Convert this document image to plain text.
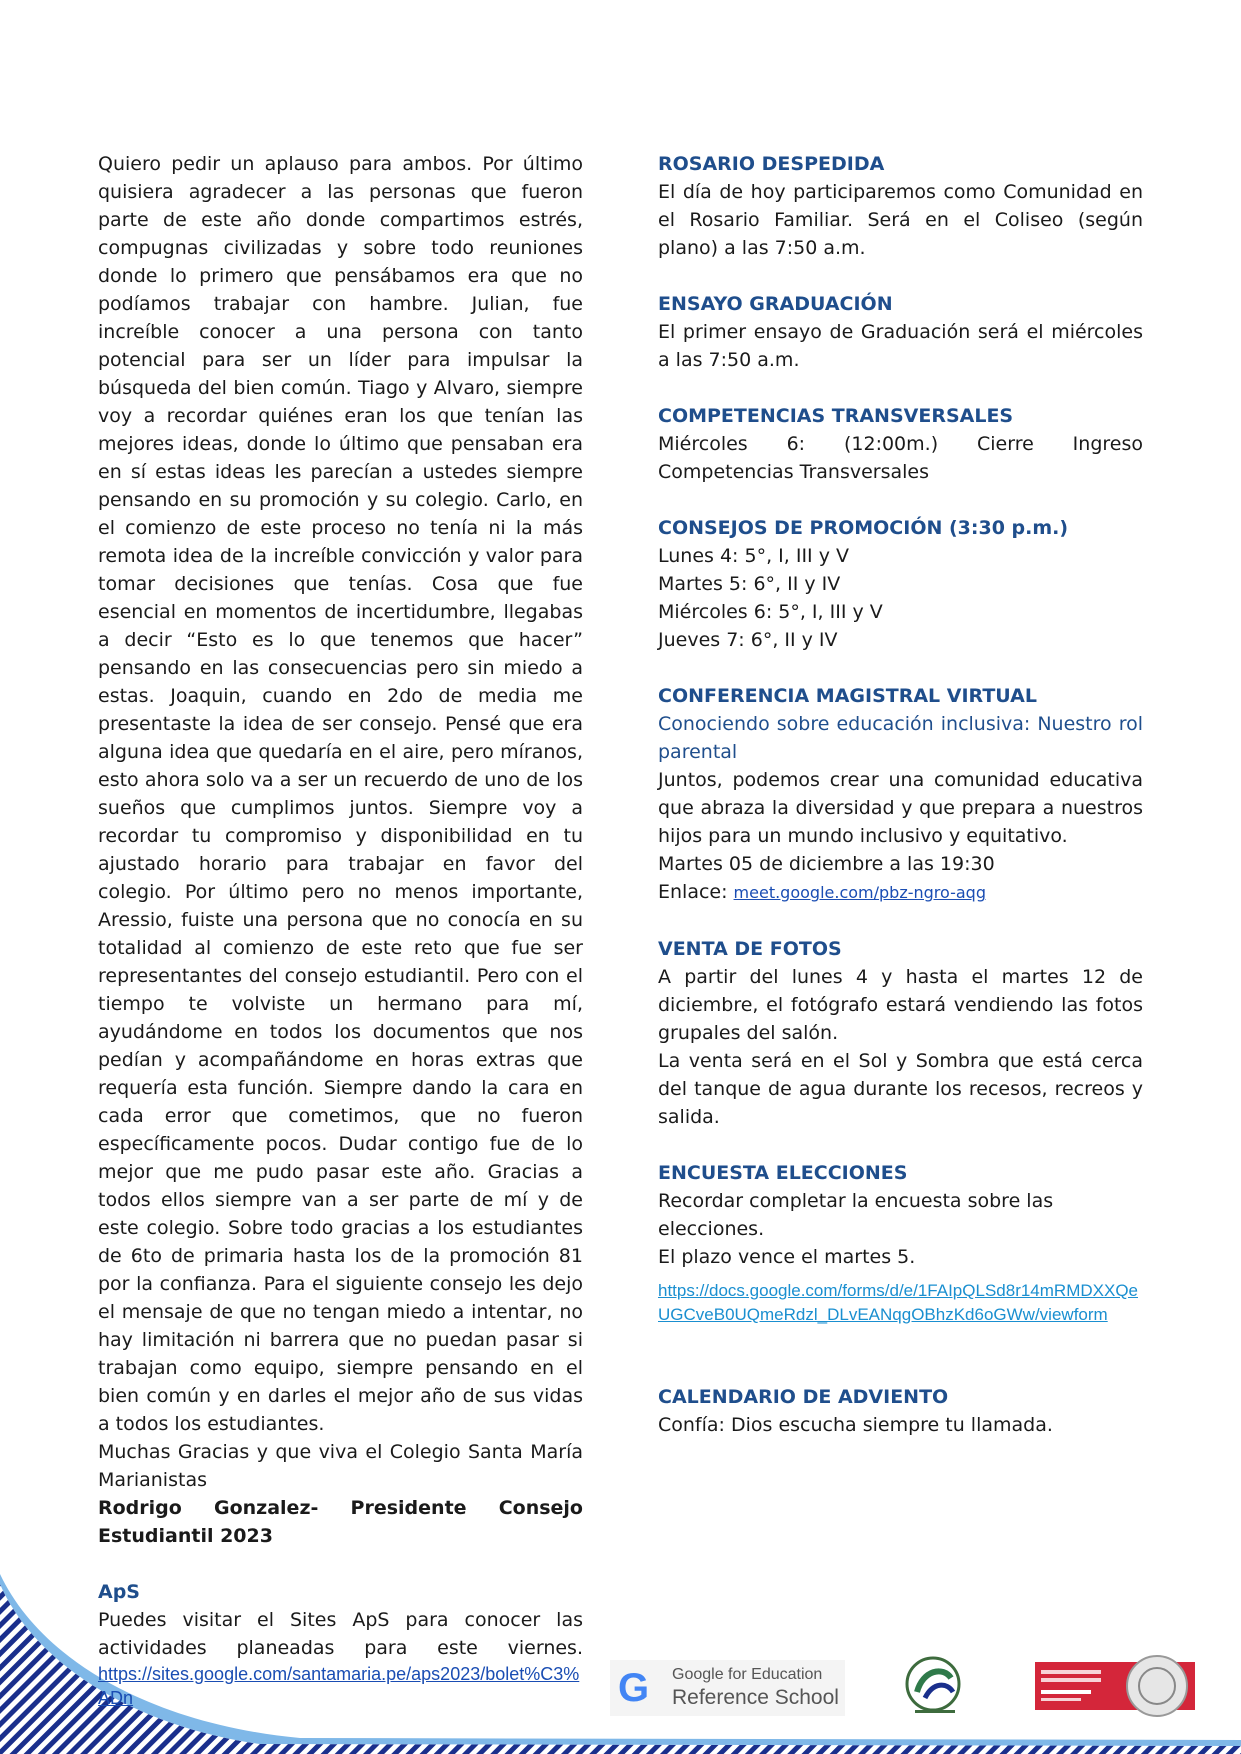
Quiero pedir un aplauso para ambos. Por último quisiera agradecer a las personas que fueron parte de este año donde compartimos estrés, compugnas civilizadas y sobre todo reuniones donde lo primero que pensábamos era que no podíamos trabajar con hambre. Julian, fue increíble conocer a una persona con tanto potencial para ser un líder para impulsar la búsqueda del bien común. Tiago y Alvaro, siempre voy a recordar quiénes eran los que tenían las mejores ideas, donde lo último que pensaban era en sí estas ideas les parecían a ustedes siempre pensando en su promoción y su colegio. Carlo, en el comienzo de este proceso no tenía ni la más remota idea de la increíble convicción y valor para tomar decisiones que tenías. Cosa que fue esencial en momentos de incertidumbre, llegabas a decir “Esto es lo que tenemos que hacer” pensando en las consecuencias pero sin miedo a estas. Joaquin, cuando en 2do de media me presentaste la idea de ser consejo. Pensé que era alguna idea que quedaría en el aire, pero míranos, esto ahora solo va a ser un recuerdo de uno de los sueños que cumplimos juntos. Siempre voy a recordar tu compromiso y disponibilidad en tu ajustado horario para trabajar en favor del colegio. Por último pero no menos importante, Aressio, fuiste una persona que no conocía en su totalidad al comienzo de este reto que fue ser representantes del consejo estudiantil. Pero con el tiempo te volviste un hermano para mí, ayudándome en todos los documentos que nos pedían y acompañándome en horas extras que requería esta función. Siempre dando la cara en cada error que cometimos, que no fueron específicamente pocos. Dudar contigo fue de lo mejor que me pudo pasar este año. Gracias a todos ellos siempre van a ser parte de mí y de este colegio. Sobre todo gracias a los estudiantes de 6to de primaria hasta los de la promoción 81 por la confianza. Para el siguiente consejo les dejo el mensaje de que no tengan miedo a intentar, no hay limitación ni barrera que no puedan pasar si trabajan como equipo, siempre pensando en el bien común y en darles el mejor año de sus vidas a todos los estudiantes.

Muchas Gracias y que viva el Colegio Santa María Marianistas

Rodrigo Gonzalez- Presidente Consejo Estudiantil 2023

ApS

Puedes visitar el Sites ApS para conocer las actividades planeadas para este viernes.

https://sites.google.com/santamaria.pe/aps2023/bolet%C3%ADn

ROSARIO DESPEDIDA

El día de hoy participaremos como Comunidad en el Rosario Familiar. Será en el Coliseo (según plano) a las 7:50 a.m.

ENSAYO GRADUACIÓN

El primer ensayo de Graduación será el miércoles a las 7:50 a.m.

COMPETENCIAS TRANSVERSALES

Miércoles 6: (12:00m.) Cierre Ingreso Competencias Transversales

CONSEJOS DE PROMOCIÓN (3:30 p.m.)

Lunes 4: 5°, I, III y V

Martes 5: 6°, II y IV

Miércoles 6: 5°, I, III y V

Jueves 7: 6°, II y IV

CONFERENCIA MAGISTRAL VIRTUAL

Conociendo sobre educación inclusiva: Nuestro rol parental

Juntos, podemos crear una comunidad educativa que abraza la diversidad y que prepara a nuestros hijos para un mundo inclusivo y equitativo.

Martes 05 de diciembre a las 19:30

Enlace: meet.google.com/pbz-ngro-aqg

VENTA DE FOTOS

A partir del lunes 4 y hasta el martes 12 de diciembre, el fotógrafo estará vendiendo las fotos grupales del salón.

La venta será en el Sol y Sombra que está cerca del tanque de agua durante los recesos, recreos y salida.

ENCUESTA ELECCIONES

Recordar completar la encuesta sobre las elecciones.

El plazo vence el martes 5.

https://docs.google.com/forms/d/e/1FAIpQLSd8r14mRMDXXQeUGCveB0UQmeRdzl_DLvEANqgOBhzKd6oGWw/viewform

CALENDARIO DE ADVIENTO

Confía: Dios escucha siempre tu llamada.

G Google for Education
Reference School
